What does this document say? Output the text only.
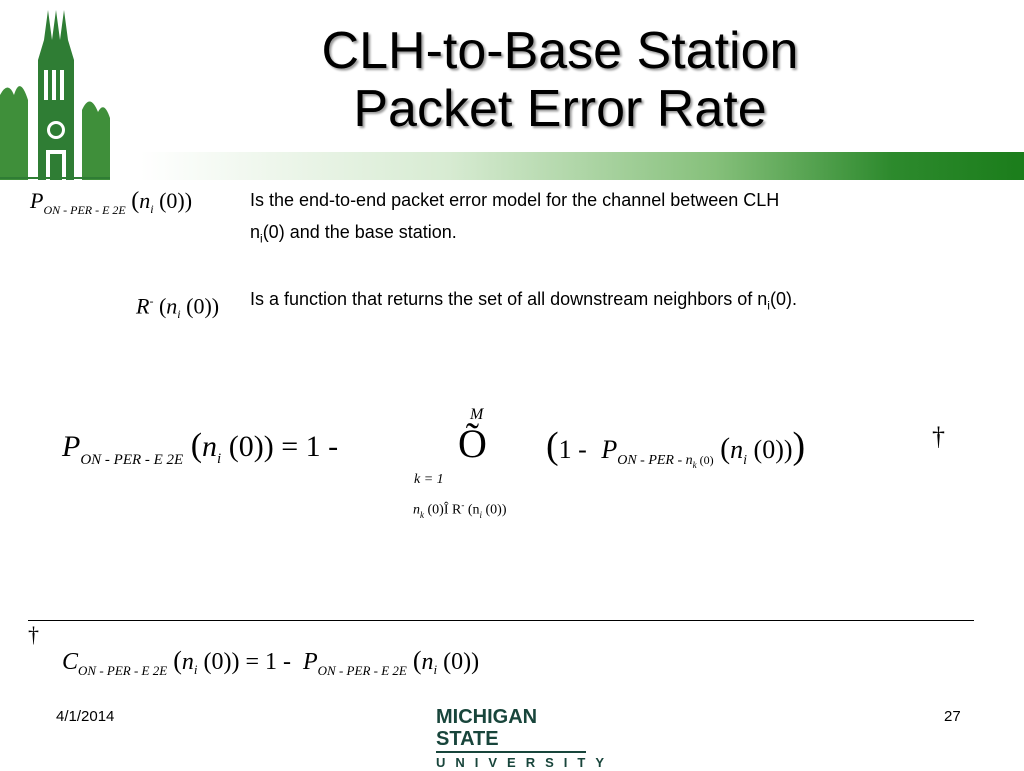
CLH-to-Base Station
Packet Error Rate
$P_{ON - PER - E 2E}$ ($n_i$ (0))	Is the end-to-end packet error model for the channel between CLH
$n_i(0)$ and the base station.
R- ($n_i$ (0)) Is a function that returns the set of all downstream neighbors of $n_i(0)$.
$P_{ON - PER - E 2E}$ ($n_i$ (0)) = 1 -
M
Õ
k = 1
$n_k$ (0)Î R- ($n_i$ (0))
($1 - P_{ON - PER - nk}$ $_{(0)}$ ($n_i$ (0)))	†
†
$C_{ON - PER - E 2E}$ ($n_i$ $(0)) = 1 - P_{ON - PER - E 2E}$ ($n_i$ (0))
4/1/2014	MICHIGAN STATE
UNIVERSITY
27
